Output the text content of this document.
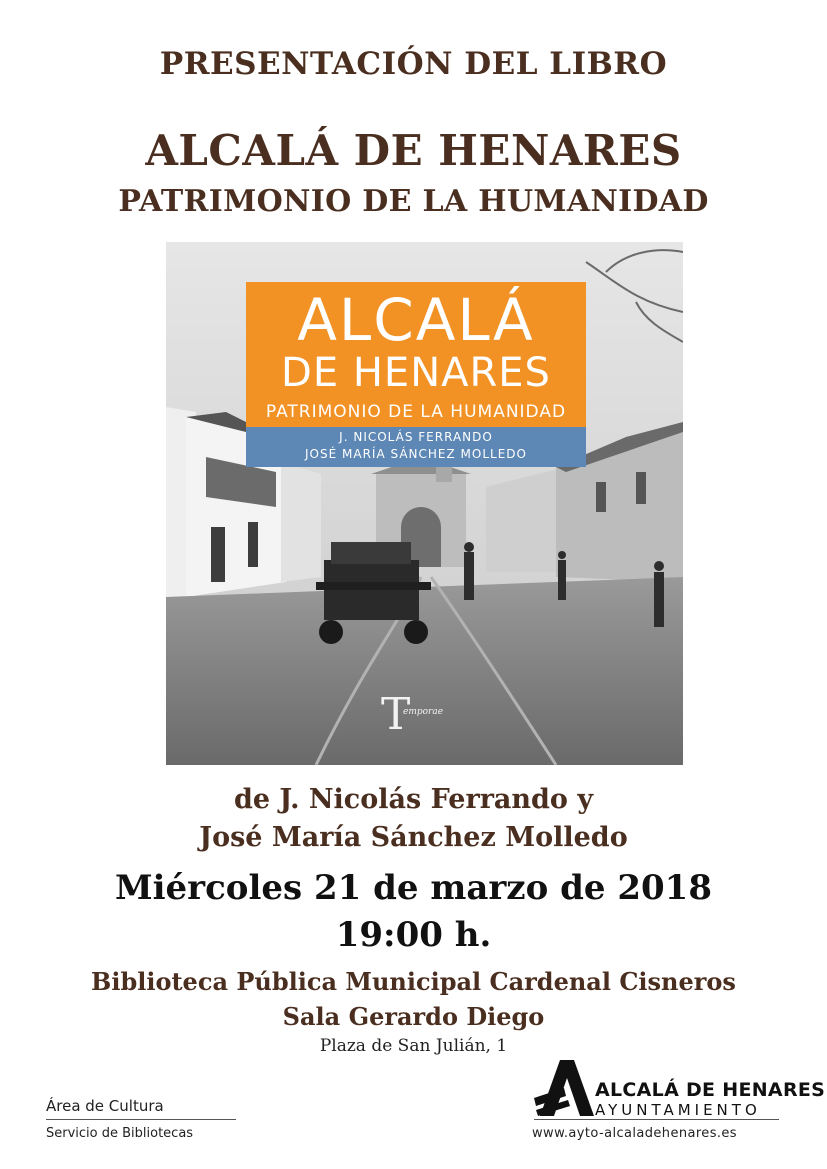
PRESENTACIÓN DEL LIBRO
ALCALÁ DE HENARES
PATRIMONIO DE LA HUMANIDAD
ALCALÁ
DE HENARES
PATRIMONIO DE LA HUMANIDAD
J. NICOLÁS FERRANDO
JOSÉ MARÍA SÁNCHEZ MOLLEDO
T
emporae
de J. Nicolás Ferrando y
José María Sánchez Molledo
Miércoles 21 de marzo de 2018
19:00 h.
Biblioteca Pública Municipal Cardenal Cisneros
Sala Gerardo Diego
Plaza de San Julián, 1
Área de Cultura
Servicio de Bibliotecas
ALCALÁ DE HENARES
AYUNTAMIENTO
www.ayto-alcaladehenares.es
